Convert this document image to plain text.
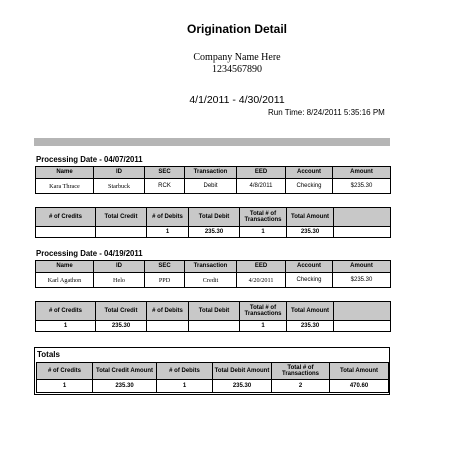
Origination Detail
Company Name Here
1234567890
4/1/2011 - 4/30/2011
Run Time: 8/24/2011 5:35:16 PM
Processing Date - 04/07/2011
Name	ID	SEC	Transaction	EED	Account	Amount
Kara Thrace	Starbuck	RCK	Debit	4/8/2011	Checking	$235.30
# of Credits	Total Credit	# of Debits	Total Debit	Total # of Transactions	Total Amount	
		1	235.30	1	235.30	
Processing Date - 04/19/2011
Name	ID	SEC	Transaction	EED	Account	Amount
Karl Agathon	Helo	PPD	Credit	4/20/2011	Checking	$235.30
# of Credits	Total Credit	# of Debits	Total Debit	Total # of Transactions	Total Amount	
1	235.30			1	235.30	
Totals
# of Credits	Total Credit Amount	# of Debits	Total Debit Amount	Total # of Transactions	Total Amount
1	235.30	1	235.30	2	470.60
